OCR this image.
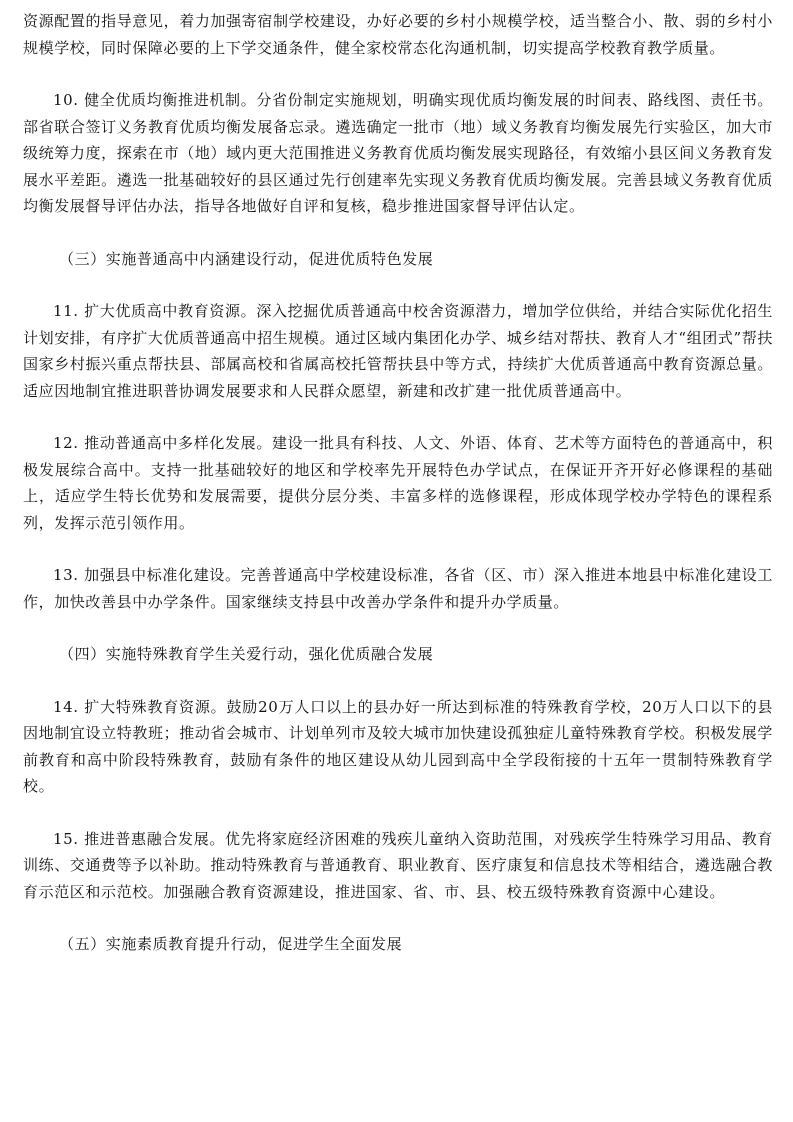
资源配置的指导意见，着力加强寄宿制学校建设，办好必要的乡村小规模学校，适当整合小、散、弱的乡村小规模学校，同时保障必要的上下学交通条件，健全家校常态化沟通机制，切实提高学校教育教学质量。

10. 健全优质均衡推进机制。分省份制定实施规划，明确实现优质均衡发展的时间表、路线图、责任书。部省联合签订义务教育优质均衡发展备忘录。遴选确定一批市（地）域义务教育均衡发展先行实验区，加大市级统筹力度，探索在市（地）域内更大范围推进义务教育优质均衡发展实现路径，有效缩小县区间义务教育发展水平差距。遴选一批基础较好的县区通过先行创建率先实现义务教育优质均衡发展。完善县域义务教育优质均衡发展督导评估办法，指导各地做好自评和复核，稳步推进国家督导评估认定。

（三）实施普通高中内涵建设行动，促进优质特色发展

11. 扩大优质高中教育资源。深入挖掘优质普通高中校舍资源潜力，增加学位供给，并结合实际优化招生计划安排，有序扩大优质普通高中招生规模。通过区域内集团化办学、城乡结对帮扶、教育人才“组团式”帮扶国家乡村振兴重点帮扶县、部属高校和省属高校托管帮扶县中等方式，持续扩大优质普通高中教育资源总量。适应因地制宜推进职普协调发展要求和人民群众愿望，新建和改扩建一批优质普通高中。

12. 推动普通高中多样化发展。建设一批具有科技、人文、外语、体育、艺术等方面特色的普通高中，积极发展综合高中。支持一批基础较好的地区和学校率先开展特色办学试点，在保证开齐开好必修课程的基础上，适应学生特长优势和发展需要，提供分层分类、丰富多样的选修课程，形成体现学校办学特色的课程系列，发挥示范引领作用。

13. 加强县中标准化建设。完善普通高中学校建设标准，各省（区、市）深入推进本地县中标准化建设工作，加快改善县中办学条件。国家继续支持县中改善办学条件和提升办学质量。

（四）实施特殊教育学生关爱行动，强化优质融合发展

14. 扩大特殊教育资源。鼓励20万人口以上的县办好一所达到标准的特殊教育学校，20万人口以下的县因地制宜设立特教班；推动省会城市、计划单列市及较大城市加快建设孤独症儿童特殊教育学校。积极发展学前教育和高中阶段特殊教育，鼓励有条件的地区建设从幼儿园到高中全学段衔接的十五年一贯制特殊教育学校。

15. 推进普惠融合发展。优先将家庭经济困难的残疾儿童纳入资助范围，对残疾学生特殊学习用品、教育训练、交通费等予以补助。推动特殊教育与普通教育、职业教育、医疗康复和信息技术等相结合，遴选融合教育示范区和示范校。加强融合教育资源建设，推进国家、省、市、县、校五级特殊教育资源中心建设。

（五）实施素质教育提升行动，促进学生全面发展
